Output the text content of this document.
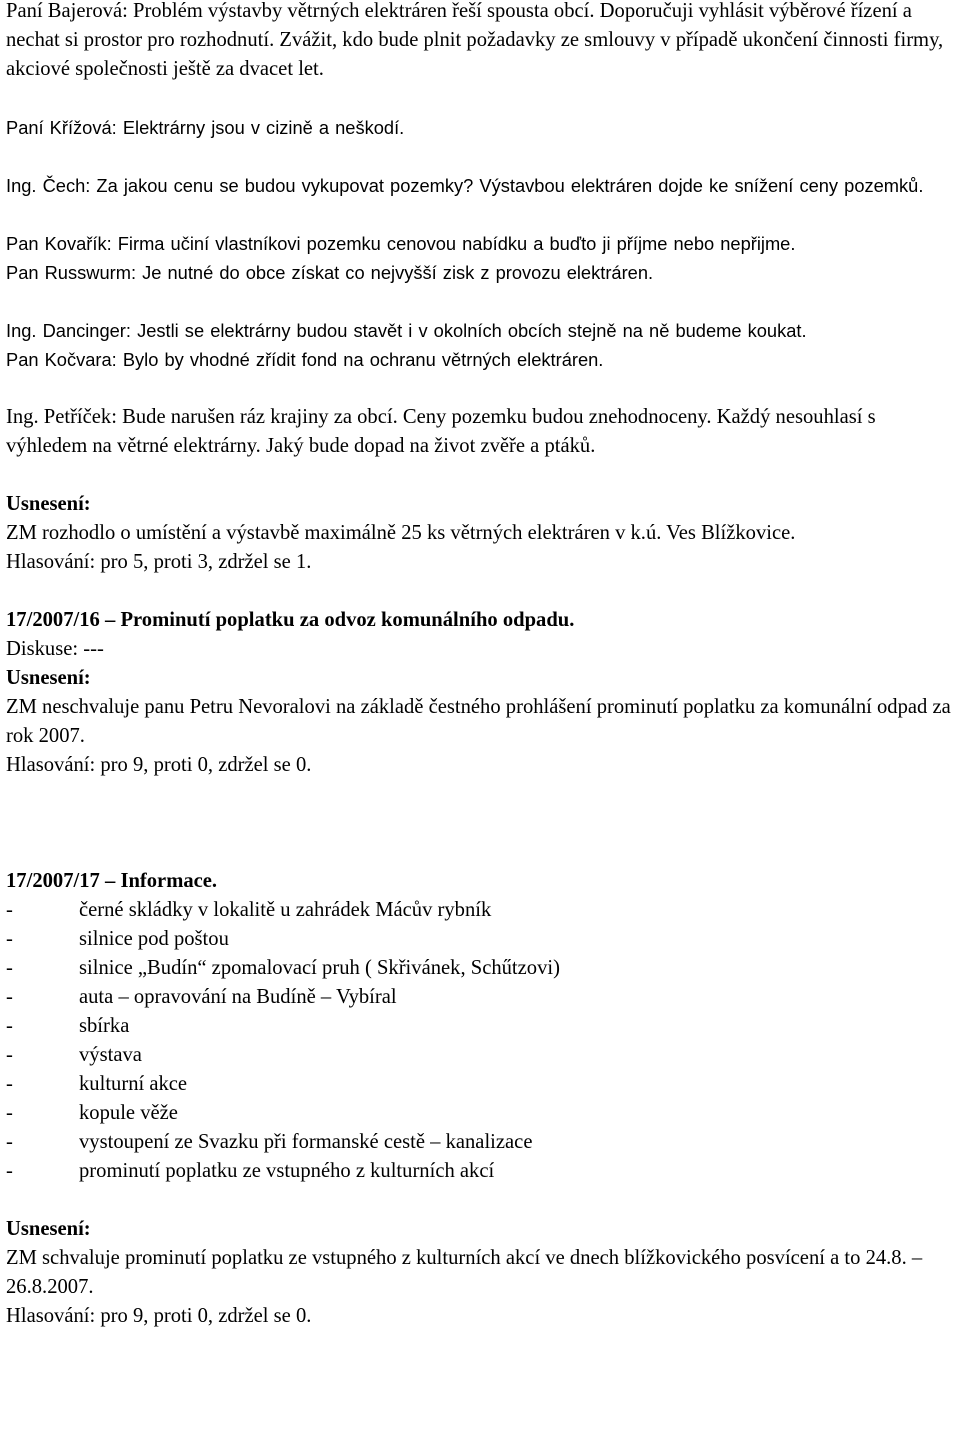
Paní Bajerová: Problém výstavby větrných elektráren řeší spousta obcí. Doporučuji vyhlásit výběrové řízení a nechat si prostor pro rozhodnutí. Zvážit, kdo bude plnit požadavky ze smlouvy v případě ukončení činnosti firmy, akciové společnosti ještě za dvacet let.

Paní Křížová: Elektrárny jsou v cizině a neškodí.

Ing. Čech: Za jakou cenu se budou vykupovat pozemky? Výstavbou elektráren dojde ke snížení ceny pozemků.

Pan Kovařík: Firma učiní vlastníkovi pozemku cenovou nabídku a buďto ji příjme nebo nepřijme.

Pan Russwurm: Je nutné do obce získat co nejvyšší zisk z provozu elektráren.

Ing. Dancinger: Jestli se elektrárny budou stavět i v okolních obcích stejně na ně budeme koukat.

Pan Kočvara: Bylo by vhodné zřídit fond na ochranu větrných elektráren.

Ing. Petříček: Bude narušen ráz krajiny za obcí. Ceny pozemku budou znehodnoceny. Každý nesouhlasí s výhledem na větrné elektrárny. Jaký bude dopad na život zvěře a ptáků.

Usnesení:
ZM rozhodlo o umístění a výstavbě maximálně 25 ks větrných elektráren v k.ú. Ves Blížkovice.
Hlasování: pro 5, proti 3, zdržel se 1.
17/2007/16 – Prominutí poplatku za odvoz komunálního odpadu.
Diskuse: ---
Usnesení:
ZM neschvaluje panu Petru Nevoralovi na základě čestného prohlášení prominutí poplatku za komunální odpad za rok 2007.
Hlasování: pro 9, proti 0, zdržel se 0.
17/2007/17 – Informace.
-	černé skládky v lokalitě u zahrádek Mácův rybník
-	silnice pod poštou
-	silnice „Budín“ zpomalovací pruh ( Skřivánek, Schűtzovi)
-	auta – opravování na Budíně – Vybíral
-	sbírka
-	výstava
-	kulturní akce
-	kopule věže
-	vystoupení ze Svazku při formanské cestě – kanalizace
-	prominutí poplatku ze vstupného z kulturních akcí
Usnesení:
ZM schvaluje prominutí poplatku ze vstupného z kulturních akcí ve dnech blížkovického posvícení a to 24.8. – 26.8.2007.
Hlasování: pro 9, proti 0, zdržel se 0.
